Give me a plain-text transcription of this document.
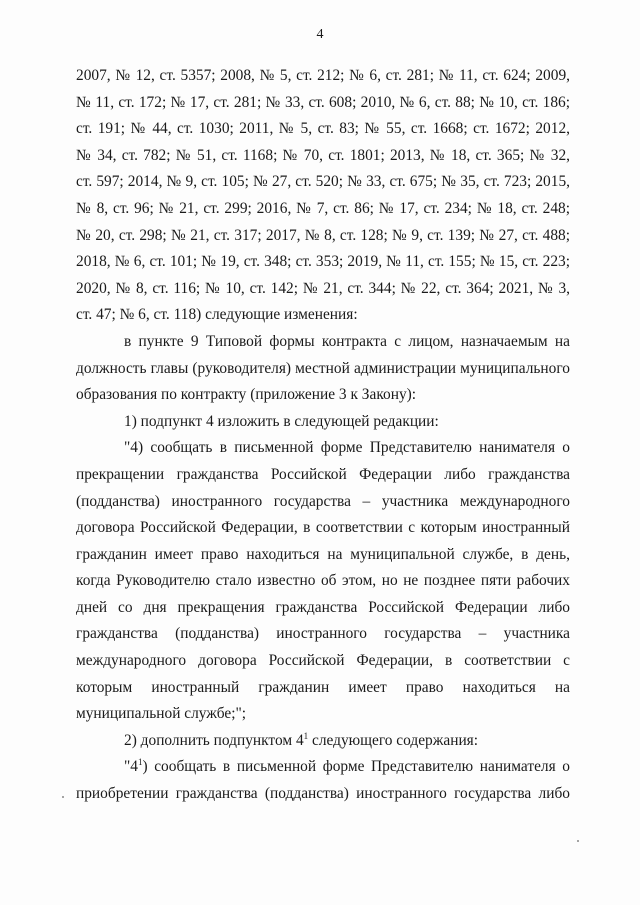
4

2007, № 12, ст. 5357; 2008, № 5, ст. 212; № 6, ст. 281; № 11, ст. 624; 2009,

№ 11, ст. 172; № 17, ст. 281; № 33, ст. 608; 2010, № 6, ст. 88; № 10, ст. 186;

ст. 191; № 44, ст. 1030; 2011, № 5, ст. 83; № 55, ст. 1668; ст. 1672; 2012,

№ 34, ст. 782; № 51, ст. 1168; № 70, ст. 1801; 2013, № 18, ст. 365; № 32,

ст. 597; 2014, № 9, ст. 105; № 27, ст. 520; № 33, ст. 675; № 35, ст. 723; 2015,

№ 8, ст. 96; № 21, ст. 299; 2016, № 7, ст. 86; № 17, ст. 234; № 18, ст. 248;

№ 20, ст. 298; № 21, ст. 317; 2017, № 8, ст. 128; № 9, ст. 139; № 27, ст. 488;

2018, № 6, ст. 101; № 19, ст. 348; ст. 353; 2019, № 11, ст. 155; № 15, ст. 223;

2020, № 8, ст. 116; № 10, ст. 142; № 21, ст. 344; № 22, ст. 364; 2021, № 3,

ст. 47; № 6, ст. 118) следующие изменения:

в пункте 9 Типовой формы контракта с лицом, назначаемым на

должность главы (руководителя) местной администрации муниципального

образования по контракту (приложение 3 к Закону):

1) подпункт 4 изложить в следующей редакции:

"4) сообщать в письменной форме Представителю нанимателя о

прекращении гражданства Российской Федерации либо гражданства

(подданства) иностранного государства – участника международного

договора Российской Федерации, в соответствии с которым иностранный

гражданин имеет право находиться на муниципальной службе, в день,

когда Руководителю стало известно об этом, но не позднее пяти рабочих

дней со дня прекращения гражданства Российской Федерации либо

гражданства (подданства) иностранного государства – участника

международного договора Российской Федерации, в соответствии с

которым иностранный гражданин имеет право находиться на

муниципальной службе;";

2) дополнить подпунктом $4^1$ следующего содержания:

"$4^1$) сообщать в письменной форме Представителю нанимателя о

приобретении гражданства (подданства) иностранного государства либо
